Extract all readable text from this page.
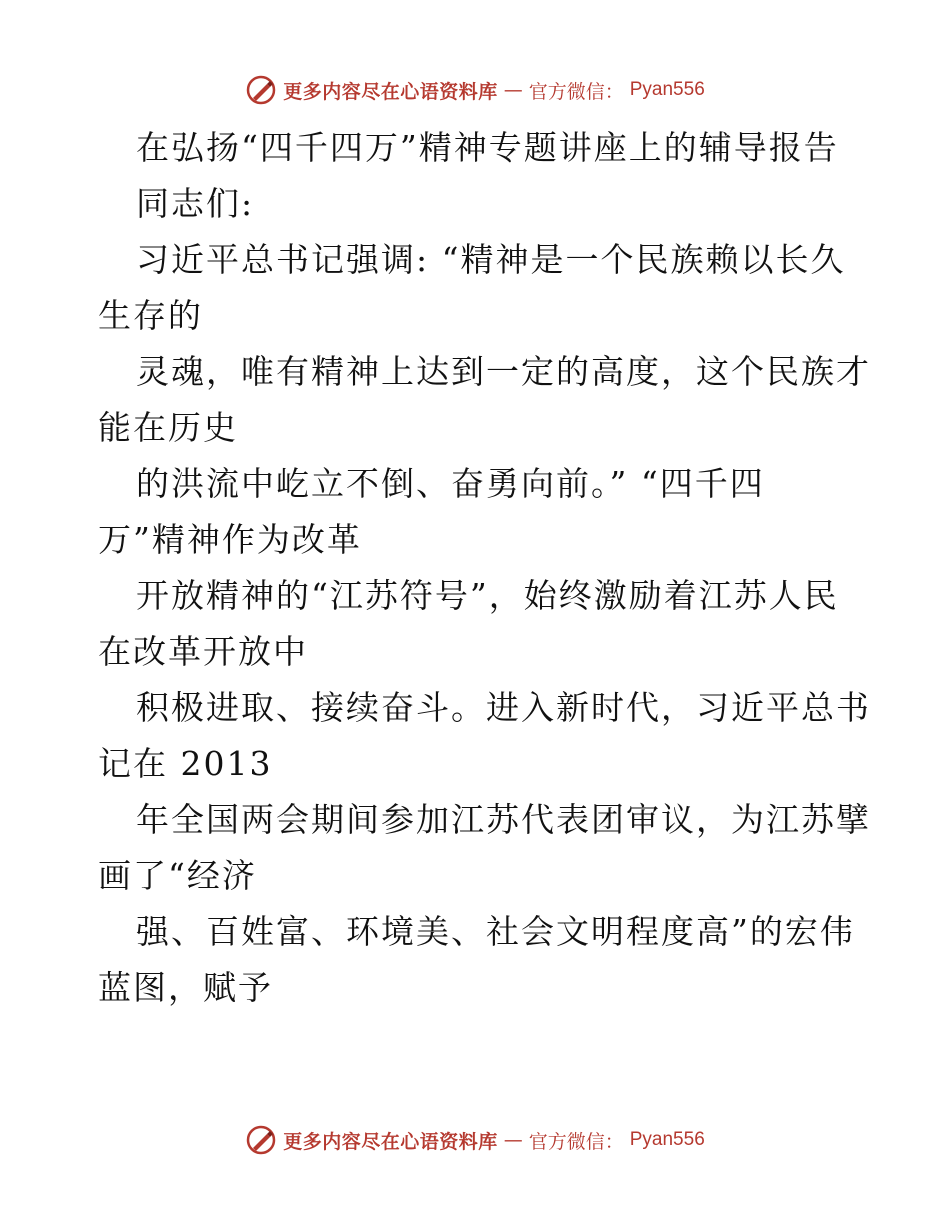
更多内容尽在心语资料库 — 官方微信： Pyan556
在弘扬“四千四万”精神专题讲座上的辅导报告
同志们:
习近平总书记强调: “精神是一个民族赖以长久
生存的
灵魂，唯有精神上达到一定的高度，这个民族才
能在历史
的洪流中屹立不倒、奋勇向前。” “四千四
万”精神作为改革
开放精神的“江苏符号”，始终激励着江苏人民
在改革开放中
积极进取、接续奋斗。进入新时代，习近平总书
记在 2013
年全国两会期间参加江苏代表团审议，为江苏擘
画了“经济
强、百姓富、环境美、社会文明程度高”的宏伟
蓝图，赋予
更多内容尽在心语资料库 — 官方微信： Pyan556
